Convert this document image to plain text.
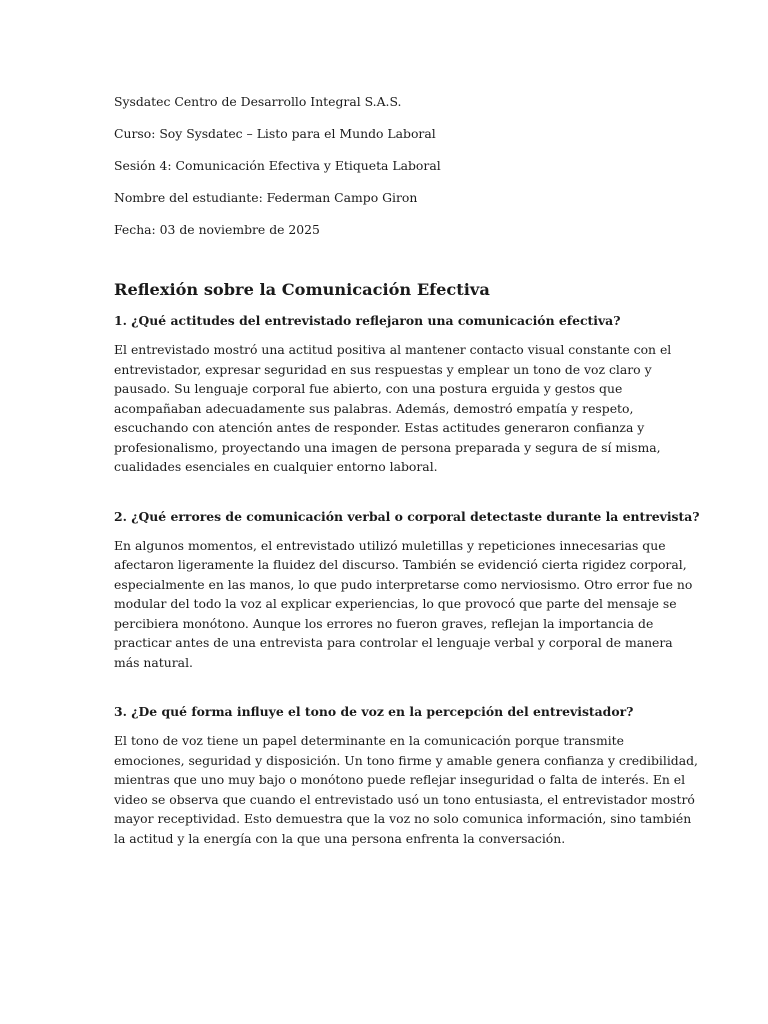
Sysdatec Centro de Desarrollo Integral S.A.S.
Curso: Soy Sysdatec – Listo para el Mundo Laboral
Sesión 4: Comunicación Efectiva y Etiqueta Laboral
Nombre del estudiante: Federman Campo Giron
Fecha: 03 de noviembre de 2025
Reflexión sobre la Comunicación Efectiva
1. ¿Qué actitudes del entrevistado reflejaron una comunicación efectiva?
El entrevistado mostró una actitud positiva al mantener contacto visual constante con el
entrevistador, expresar seguridad en sus respuestas y emplear un tono de voz claro y
pausado. Su lenguaje corporal fue abierto, con una postura erguida y gestos que
acompañaban adecuadamente sus palabras. Además, demostró empatía y respeto,
escuchando con atención antes de responder. Estas actitudes generaron confianza y
profesionalismo, proyectando una imagen de persona preparada y segura de sí misma,
cualidades esenciales en cualquier entorno laboral.
2. ¿Qué errores de comunicación verbal o corporal detectaste durante la entrevista?
En algunos momentos, el entrevistado utilizó muletillas y repeticiones innecesarias que
afectaron ligeramente la fluidez del discurso. También se evidenció cierta rigidez corporal,
especialmente en las manos, lo que pudo interpretarse como nerviosismo. Otro error fue no
modular del todo la voz al explicar experiencias, lo que provocó que parte del mensaje se
percibiera monótono. Aunque los errores no fueron graves, reflejan la importancia de
practicar antes de una entrevista para controlar el lenguaje verbal y corporal de manera
más natural.
3. ¿De qué forma influye el tono de voz en la percepción del entrevistador?
El tono de voz tiene un papel determinante en la comunicación porque transmite
emociones, seguridad y disposición. Un tono firme y amable genera confianza y credibilidad,
mientras que uno muy bajo o monótono puede reflejar inseguridad o falta de interés. En el
video se observa que cuando el entrevistado usó un tono entusiasta, el entrevistador mostró
mayor receptividad. Esto demuestra que la voz no solo comunica información, sino también
la actitud y la energía con la que una persona enfrenta la conversación.
